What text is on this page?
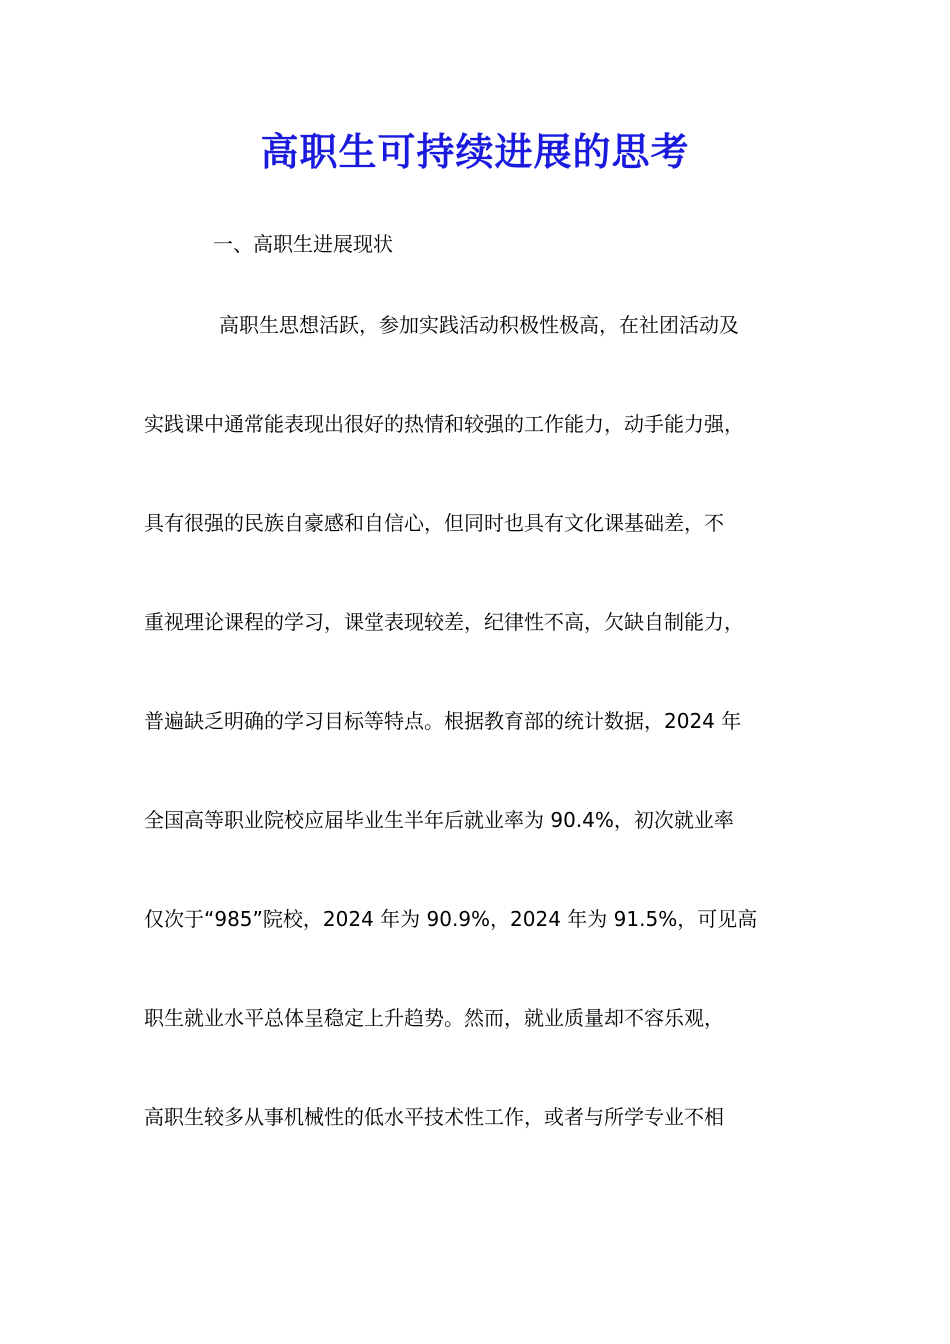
高职生可持续进展的思考
一、高职生进展现状
　高职生思想活跃，参加实践活动积极性极高，在社团活动及
实践课中通常能表现出很好的热情和较强的工作能力，动手能力强，
具有很强的民族自豪感和自信心，但同时也具有文化课基础差，不
重视理论课程的学习，课堂表现较差，纪律性不高，欠缺自制能力，
普遍缺乏明确的学习目标等特点。根据教育部的统计数据，2024 年
全国高等职业院校应届毕业生半年后就业率为 90.4%，初次就业率
仅次于“985”院校，2024 年为 90.9%，2024 年为 91.5%，可见高
职生就业水平总体呈稳定上升趋势。然而，就业质量却不容乐观，
高职生较多从事机械性的低水平技术性工作，或者与所学专业不相
